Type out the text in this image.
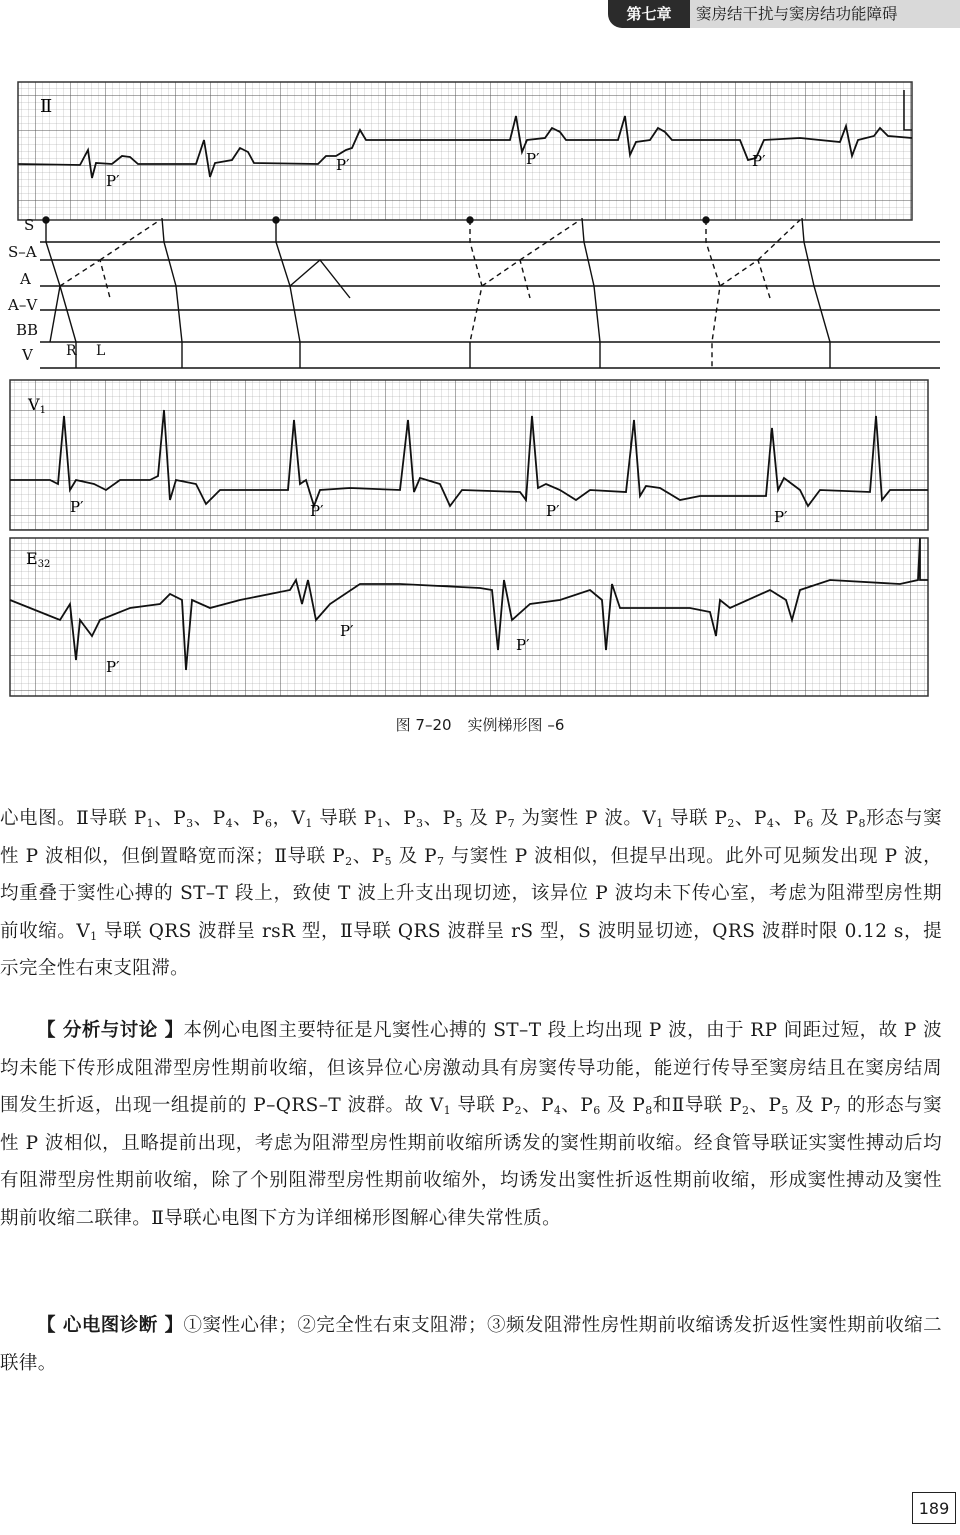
第七章	窦房结干扰与窦房结功能障碍
Ⅱ
P′
P′	P′	P′
S
S–A
A
A–V
BB
V R L
V1
P′	P′	P′	P′
E32
P′
P′
P′
图 7–20 实例梯形图 –6

心电图。Ⅱ导联 $P_1$、$P_3$、$P_4$、$P_6$，$V_1$ 导联 $P_1$、$P_3$、$P_5$ 及 $P_7$ 为窦性 P 波。$V_1$ 导联 $P_2$、$P_4$、$P_6$ 及 $P_8$形态与窦性 P 波相似，但倒置略宽而深；Ⅱ导联 $P_2$、$P_5$ 及 $P_7$ 与窦性 P 波相似，但提早出现。此外可见频发出现 P 波，均重叠于窦性心搏的 ST–T 段上，致使 T 波上升支出现切迹，该异位 P 波均未下传心室，考虑为阻滞型房性期前收缩。$V_1$ 导联 QRS 波群呈 rsR 型，Ⅱ导联 QRS 波群呈 rS 型，S 波明显切迹，QRS 波群时限 0.12 s，提示完全性右束支阻滞。

【 分析与讨论 】本例心电图主要特征是凡窦性心搏的 ST–T 段上均出现 P 波，由于 RP 间距过短，故 P 波均未能下传形成阻滞型房性期前收缩，但该异位心房激动具有房窦传导功能，能逆行传导至窦房结且在窦房结周围发生折返，出现一组提前的 P–QRS–T 波群。故 $V_1$ 导联 $P_2$、$P_4$、$P_6$ 及 $P_8$和Ⅱ导联 $P_2$、$P_5$ 及 $P_7$ 的形态与窦性 P 波相似，且略提前出现，考虑为阻滞型房性期前收缩所诱发的窦性期前收缩。经食管导联证实窦性搏动后均有阻滞型房性期前收缩，除了个别阻滞型房性期前收缩外，均诱发出窦性折返性期前收缩，形成窦性搏动及窦性期前收缩二联律。Ⅱ导联心电图下方为详细梯形图解心律失常性质。

【 心电图诊断 】①窦性心律；②完全性右束支阻滞；③频发阻滞性房性期前收缩诱发折返性窦性期前收缩二联律。

189
